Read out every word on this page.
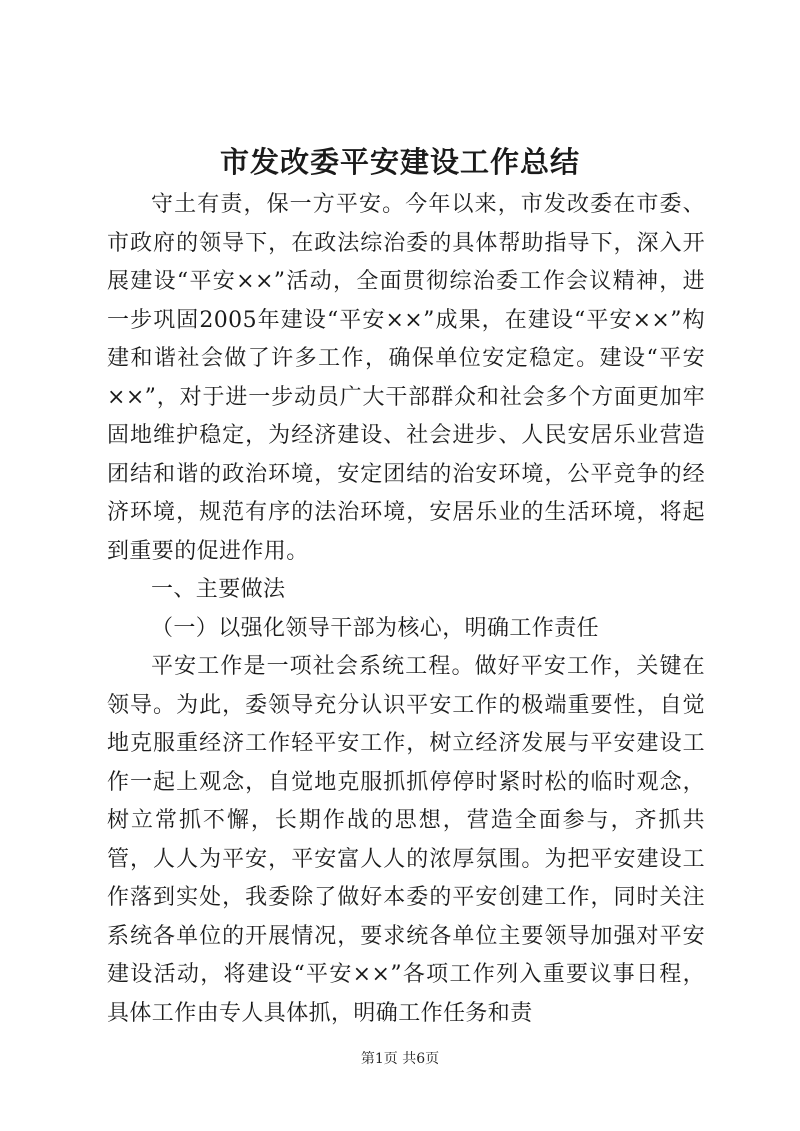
市发改委平安建设工作总结

守土有责，保一方平安。今年以来，市发改委在市委、市政府的领导下，在政法综治委的具体帮助指导下，深入开展建设“平安××”活动，全面贯彻综治委工作会议精神，进一步巩固2005年建设“平安××”成果，在建设“平安××”构建和谐社会做了许多工作，确保单位安定稳定。建设“平安××”，对于进一步动员广大干部群众和社会多个方面更加牢固地维护稳定，为经济建设、社会进步、人民安居乐业营造团结和谐的政治环境，安定团结的治安环境，公平竞争的经济环境，规范有序的法治环境，安居乐业的生活环境，将起到重要的促进作用。

一、主要做法

（一）以强化领导干部为核心，明确工作责任

平安工作是一项社会系统工程。做好平安工作，关键在领导。为此，委领导充分认识平安工作的极端重要性，自觉地克服重经济工作轻平安工作，树立经济发展与平安建设工作一起上观念，自觉地克服抓抓停停时紧时松的临时观念，树立常抓不懈，长期作战的思想，营造全面参与，齐抓共管，人人为平安，平安富人人的浓厚氛围。为把平安建设工作落到实处，我委除了做好本委的平安创建工作，同时关注系统各单位的开展情况，要求统各单位主要领导加强对平安建设活动，将建设“平安××”各项工作列入重要议事日程，具体工作由专人具体抓，明确工作任务和责

第1页 共6页
